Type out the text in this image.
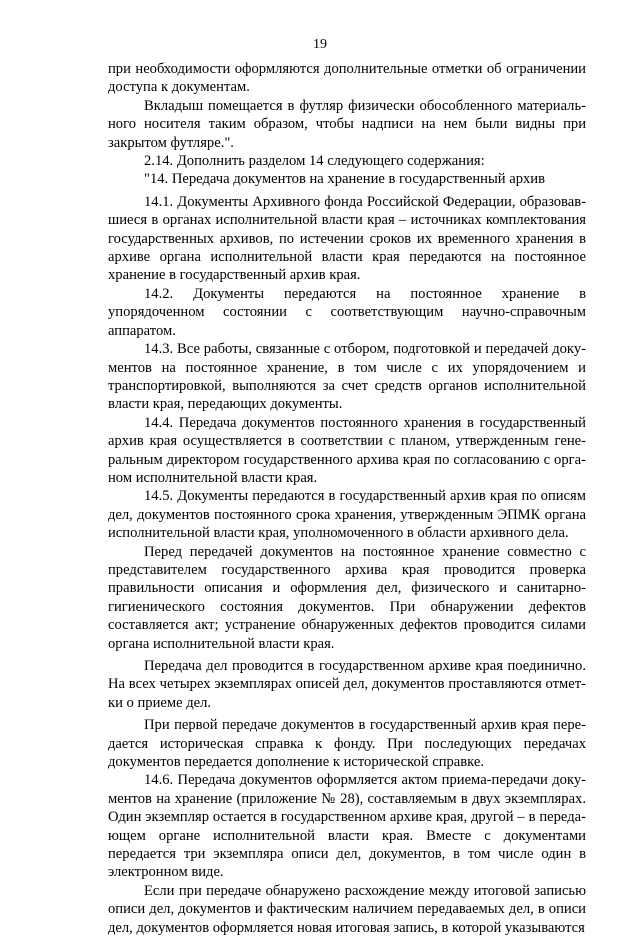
19

при необходимости оформляются дополнительные отметки об ограничении доступа к документам.

Вкладыш помещается в футляр физически обособленного материального носителя таким образом, чтобы надписи на нем были видны при закрытом футляре.".

2.14. Дополнить разделом 14 следующего содержания:

"14. Передача документов на хранение в государственный архив

14.1. Документы Архивного фонда Российской Федерации, образовавшиеся в органах исполнительной власти края – источниках комплектования государственных архивов, по истечении сроков их временного хранения в архиве органа исполнительной власти края передаются на постоянное хранение в государственный архив края.

14.2. Документы передаются на постоянное хранение в упорядоченном состоянии с соответствующим научно-справочным аппаратом.

14.3. Все работы, связанные с отбором, подготовкой и передачей документов на постоянное хранение, в том числе с их упорядочением и транспортировкой, выполняются за счет средств органов исполнительной власти края, передающих документы.

14.4. Передача документов постоянного хранения в государственный архив края осуществляется в соответствии с планом, утвержденным генеральным директором государственного архива края по согласованию с органом исполнительной власти края.

14.5. Документы передаются в государственный архив края по описям дел, документов постоянного срока хранения, утвержденным ЭПМК органа исполнительной власти края, уполномоченного в области архивного дела.

Перед передачей документов на постоянное хранение совместно с представителем государственного архива края проводится проверка правильности описания и оформления дел, физического и санитарно-гигиенического состояния документов. При обнаружении дефектов составляется акт; устранение обнаруженных дефектов проводится силами органа исполнительной власти края.

Передача дел проводится в государственном архиве края поединично. На всех четырех экземплярах описей дел, документов проставляются отметки о приеме дел.

При первой передаче документов в государственный архив края передается историческая справка к фонду. При последующих передачах документов передается дополнение к исторической справке.

14.6. Передача документов оформляется актом приема-передачи документов на хранение (приложение № 28), составляемым в двух экземплярах. Один экземпляр остается в государственном архиве края, другой – в передающем органе исполнительной власти края. Вместе с документами передается три экземпляра описи дел, документов, в том числе один в электронном виде.

Если при передаче обнаружено расхождение между итоговой записью описи дел, документов и фактическим наличием передаваемых дел, в описи дел, документов оформляется новая итоговая запись, в которой указываются
